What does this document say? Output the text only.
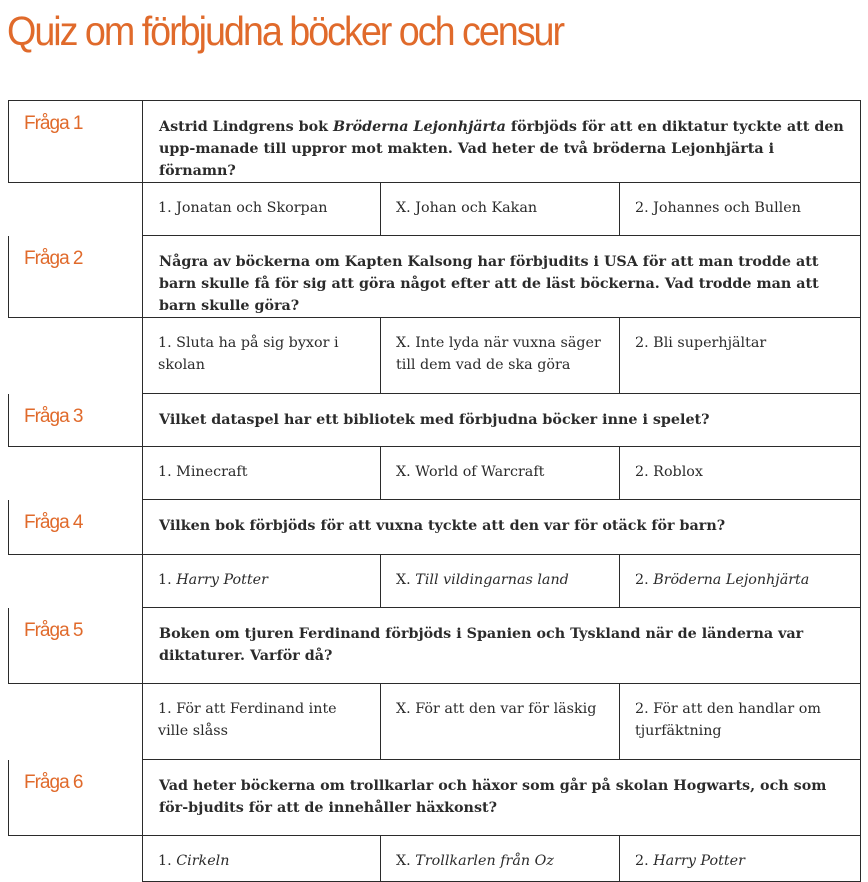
Quiz om förbjudna böcker och censur
Fråga 1	Astrid Lindgrens bok Bröderna Lejonhjärta förbjöds för att en diktatur tyckte att den upp-manade till uppror mot makten. Vad heter de två bröderna Lejonhjärta i förnamn?		
	1. Jonatan och Skorpan	X. Johan och Kakan	2. Johannes och Bullen
Fråga 2	Några av böckerna om Kapten Kalsong har förbjudits i USA för att man trodde att barn skulle få för sig att göra något efter att de läst böckerna. Vad trodde man att barn skulle göra?		
	1. Sluta ha på sig byxor i skolan	X. Inte lyda när vuxna säger till dem vad de ska göra	2. Bli superhjältar
Fråga 3	Vilket dataspel har ett bibliotek med förbjudna böcker inne i spelet?		
	1. Minecraft	X. World of Warcraft	2. Roblox
Fråga 4	Vilken bok förbjöds för att vuxna tyckte att den var för otäck för barn?		
	1. Harry Potter	X. Till vildingarnas land	2. Bröderna Lejonhjärta
Fråga 5	Boken om tjuren Ferdinand förbjöds i Spanien och Tyskland när de länderna var diktaturer. Varför då?		
	1. För att Ferdinand inte ville slåss	X. För att den var för läskig	2. För att den handlar om tjurfäktning
Fråga 6	Vad heter böckerna om trollkarlar och häxor som går på skolan Hogwarts, och som för-bjudits för att de innehåller häxkonst?		
	1. Cirkeln	X. Trollkarlen från Oz	2. Harry Potter
